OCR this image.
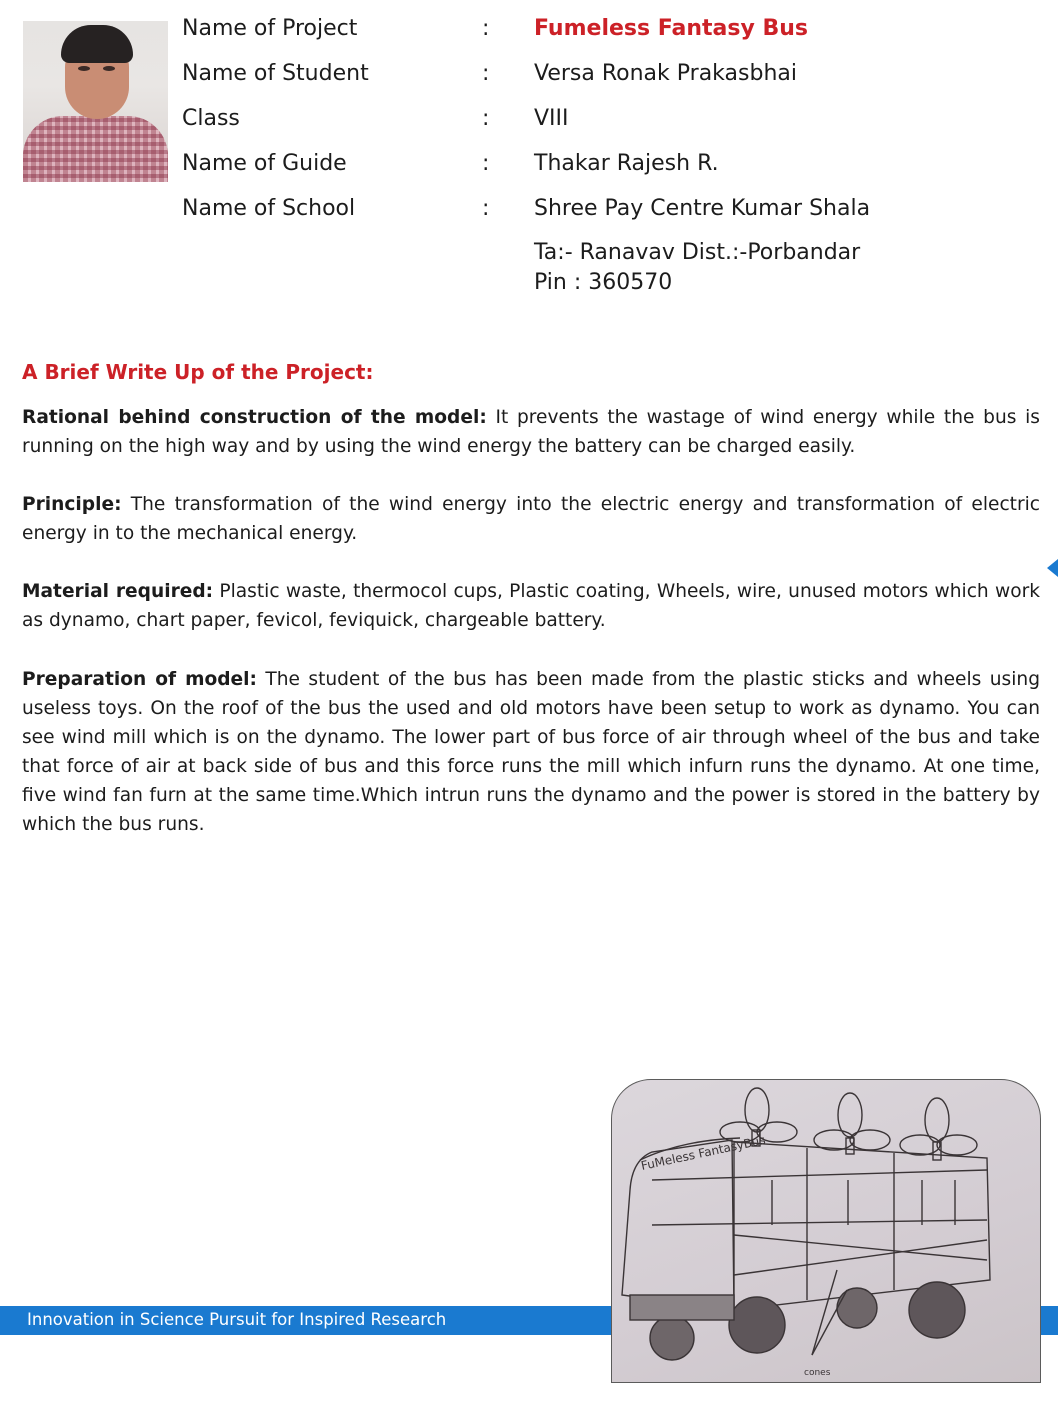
Name of Project	:	Fumeless Fantasy Bus
Name of Student	:	Versa Ronak Prakasbhai
Class	:	VIII
Name of Guide	:	Thakar Rajesh R.
Name of School	:	Shree Pay Centre Kumar Shala
Ta:- Ranavav Dist.:-Porbandar
Pin : 360570
A Brief Write Up of the Project:

Rational behind construction of the model: It prevents the wastage of wind energy while the bus is running on the high way and by using the wind energy the battery can be charged easily.

Principle: The transformation of the wind energy into the electric energy and transformation of electric energy in to the mechanical energy.

Material required: Plastic waste, thermocol cups, Plastic coating, Wheels, wire, unused motors which work as dynamo, chart paper, fevicol, feviquick, chargeable battery.

Preparation of model: The student of the bus has been made from the plastic sticks and wheels using useless toys. On the roof of the bus the used and old motors have been setup to work as dynamo. You can see wind mill which is on the dynamo. The lower part of bus force of air through wheel of the bus and take that force of air at back side of bus and this force runs the mill which infurn runs the dynamo. At one time, five wind fan furn at the same time.Which intrun runs the dynamo and the power is stored in the battery by which the bus runs.

Innovation in Science Pursuit for Inspired Research
FuMeless FantasyBus
cones
